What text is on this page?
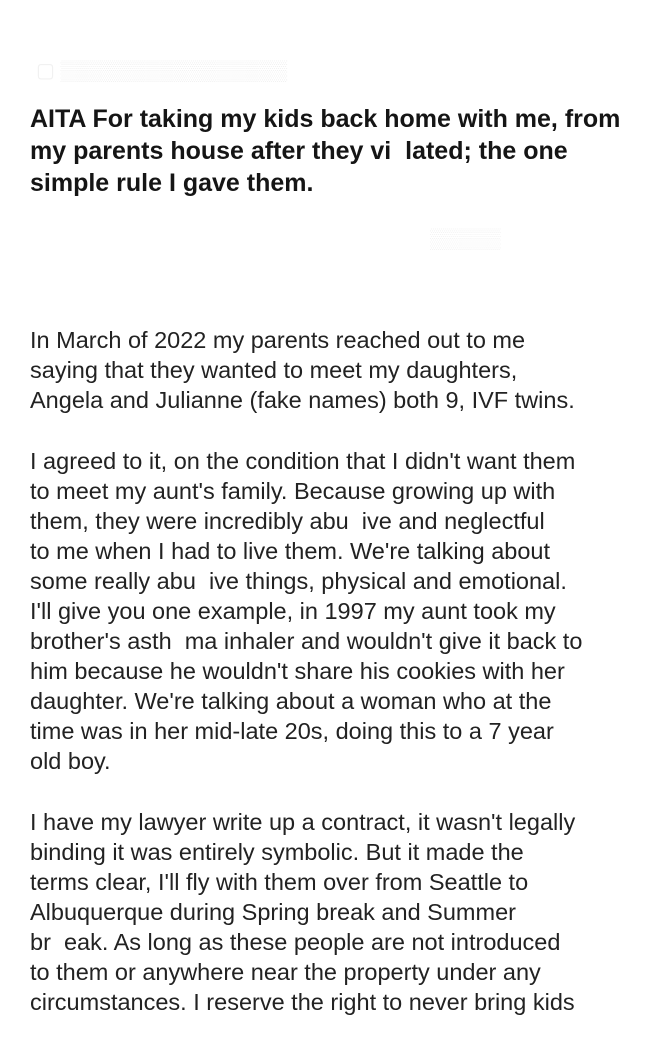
▢ ▒▒▒▒▒▒▒▒▒▒▒▒▒▒▒▒
▒▒▒▒▒
AITA For taking my kids back home with me, from my parents house after they vi  lated; the one simple rule I gave them.

In March of 2022 my parents reached out to me
saying that they wanted to meet my daughters,
Angela and Julianne (fake names) both 9, IVF twins.

I agreed to it, on the condition that I didn't want them
to meet my aunt's family. Because growing up with
them, they were incredibly abu  ive and neglectful
to me when I had to live them. We're talking about
some really abu  ive things, physical and emotional.
I'll give you one example, in 1997 my aunt took my
brother's asth  ma inhaler and wouldn't give it back to
him because he wouldn't share his cookies with her
daughter. We're talking about a woman who at the
time was in her mid-late 20s, doing this to a 7 year
old boy.

I have my lawyer write up a contract, it wasn't legally
binding it was entirely symbolic. But it made the
terms clear, I'll fly with them over from Seattle to
Albuquerque during Spring break and Summer
br  eak. As long as these people are not introduced
to them or anywhere near the property under any
circumstances. I reserve the right to never bring kids
